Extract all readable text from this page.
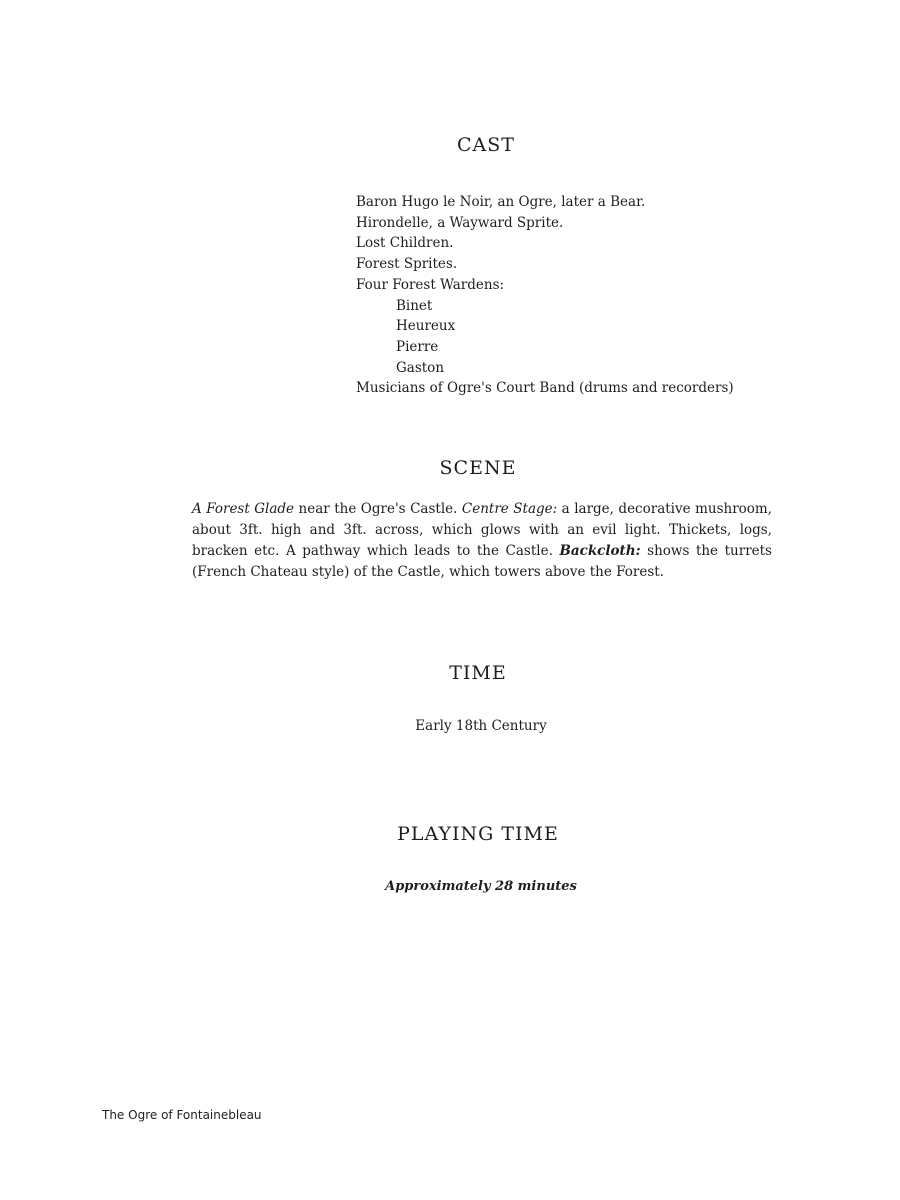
CAST
Baron Hugo le Noir, an Ogre, later a Bear.
Hirondelle, a Wayward Sprite.
Lost Children.
Forest Sprites.
Four Forest Wardens:
Binet
Heureux
Pierre
Gaston
Musicians of Ogre's Court Band (drums and recorders)
SCENE

A Forest Glade near the Ogre's Castle. Centre Stage: a large, decorative mushroom, about 3ft. high and 3ft. across, which glows with an evil light. Thickets, logs, bracken etc. A pathway which leads to the Castle. Backcloth: shows the turrets (French Chateau style) of the Castle, which towers above the Forest.

TIME

Early 18th Century

PLAYING TIME

Approximately 28 minutes

The Ogre of Fontainebleau
